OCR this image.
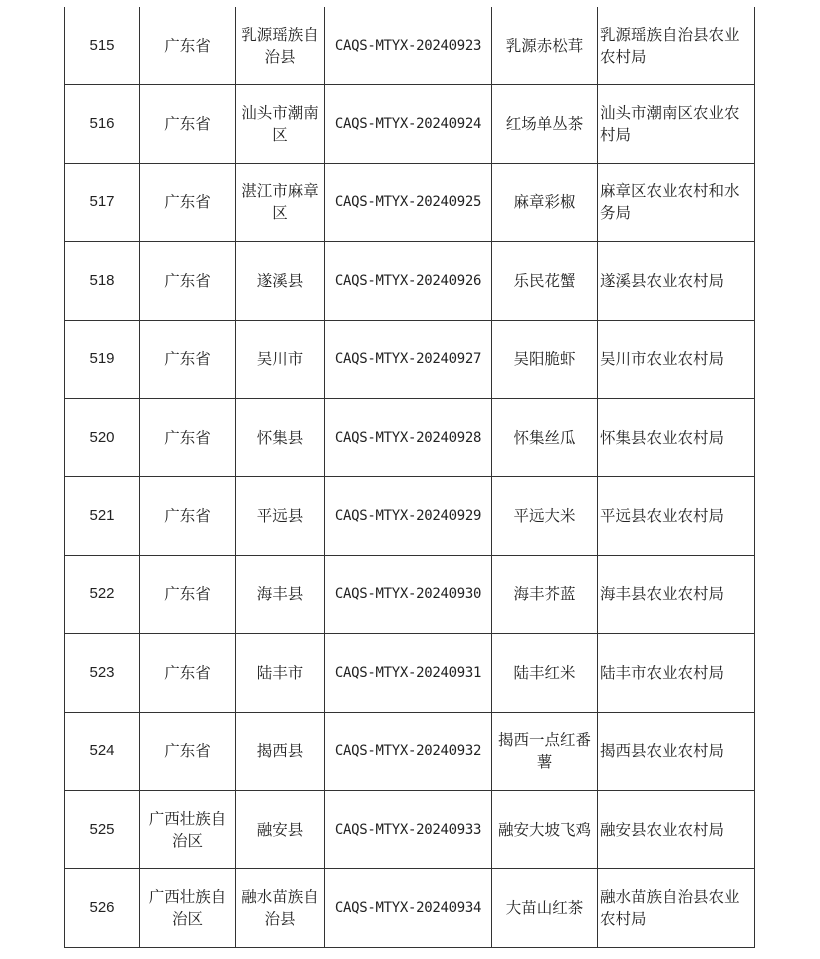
515	广东省	乳源瑶族自治县	CAQS-MTYX-20240923	乳源赤松茸	乳源瑶族自治县农业农村局
516	广东省	汕头市潮南区	CAQS-MTYX-20240924	红场单丛茶	汕头市潮南区农业农村局
517	广东省	湛江市麻章区	CAQS-MTYX-20240925	麻章彩椒	麻章区农业农村和水务局
518	广东省	遂溪县	CAQS-MTYX-20240926	乐民花蟹	遂溪县农业农村局
519	广东省	吴川市	CAQS-MTYX-20240927	吴阳脆虾	吴川市农业农村局
520	广东省	怀集县	CAQS-MTYX-20240928	怀集丝瓜	怀集县农业农村局
521	广东省	平远县	CAQS-MTYX-20240929	平远大米	平远县农业农村局
522	广东省	海丰县	CAQS-MTYX-20240930	海丰芥蓝	海丰县农业农村局
523	广东省	陆丰市	CAQS-MTYX-20240931	陆丰红米	陆丰市农业农村局
524	广东省	揭西县	CAQS-MTYX-20240932	揭西一点红番薯	揭西县农业农村局
525	广西壮族自治区	融安县	CAQS-MTYX-20240933	融安大坡飞鸡	融安县农业农村局
526	广西壮族自治区	融水苗族自治县	CAQS-MTYX-20240934	大苗山红茶	融水苗族自治县农业农村局
